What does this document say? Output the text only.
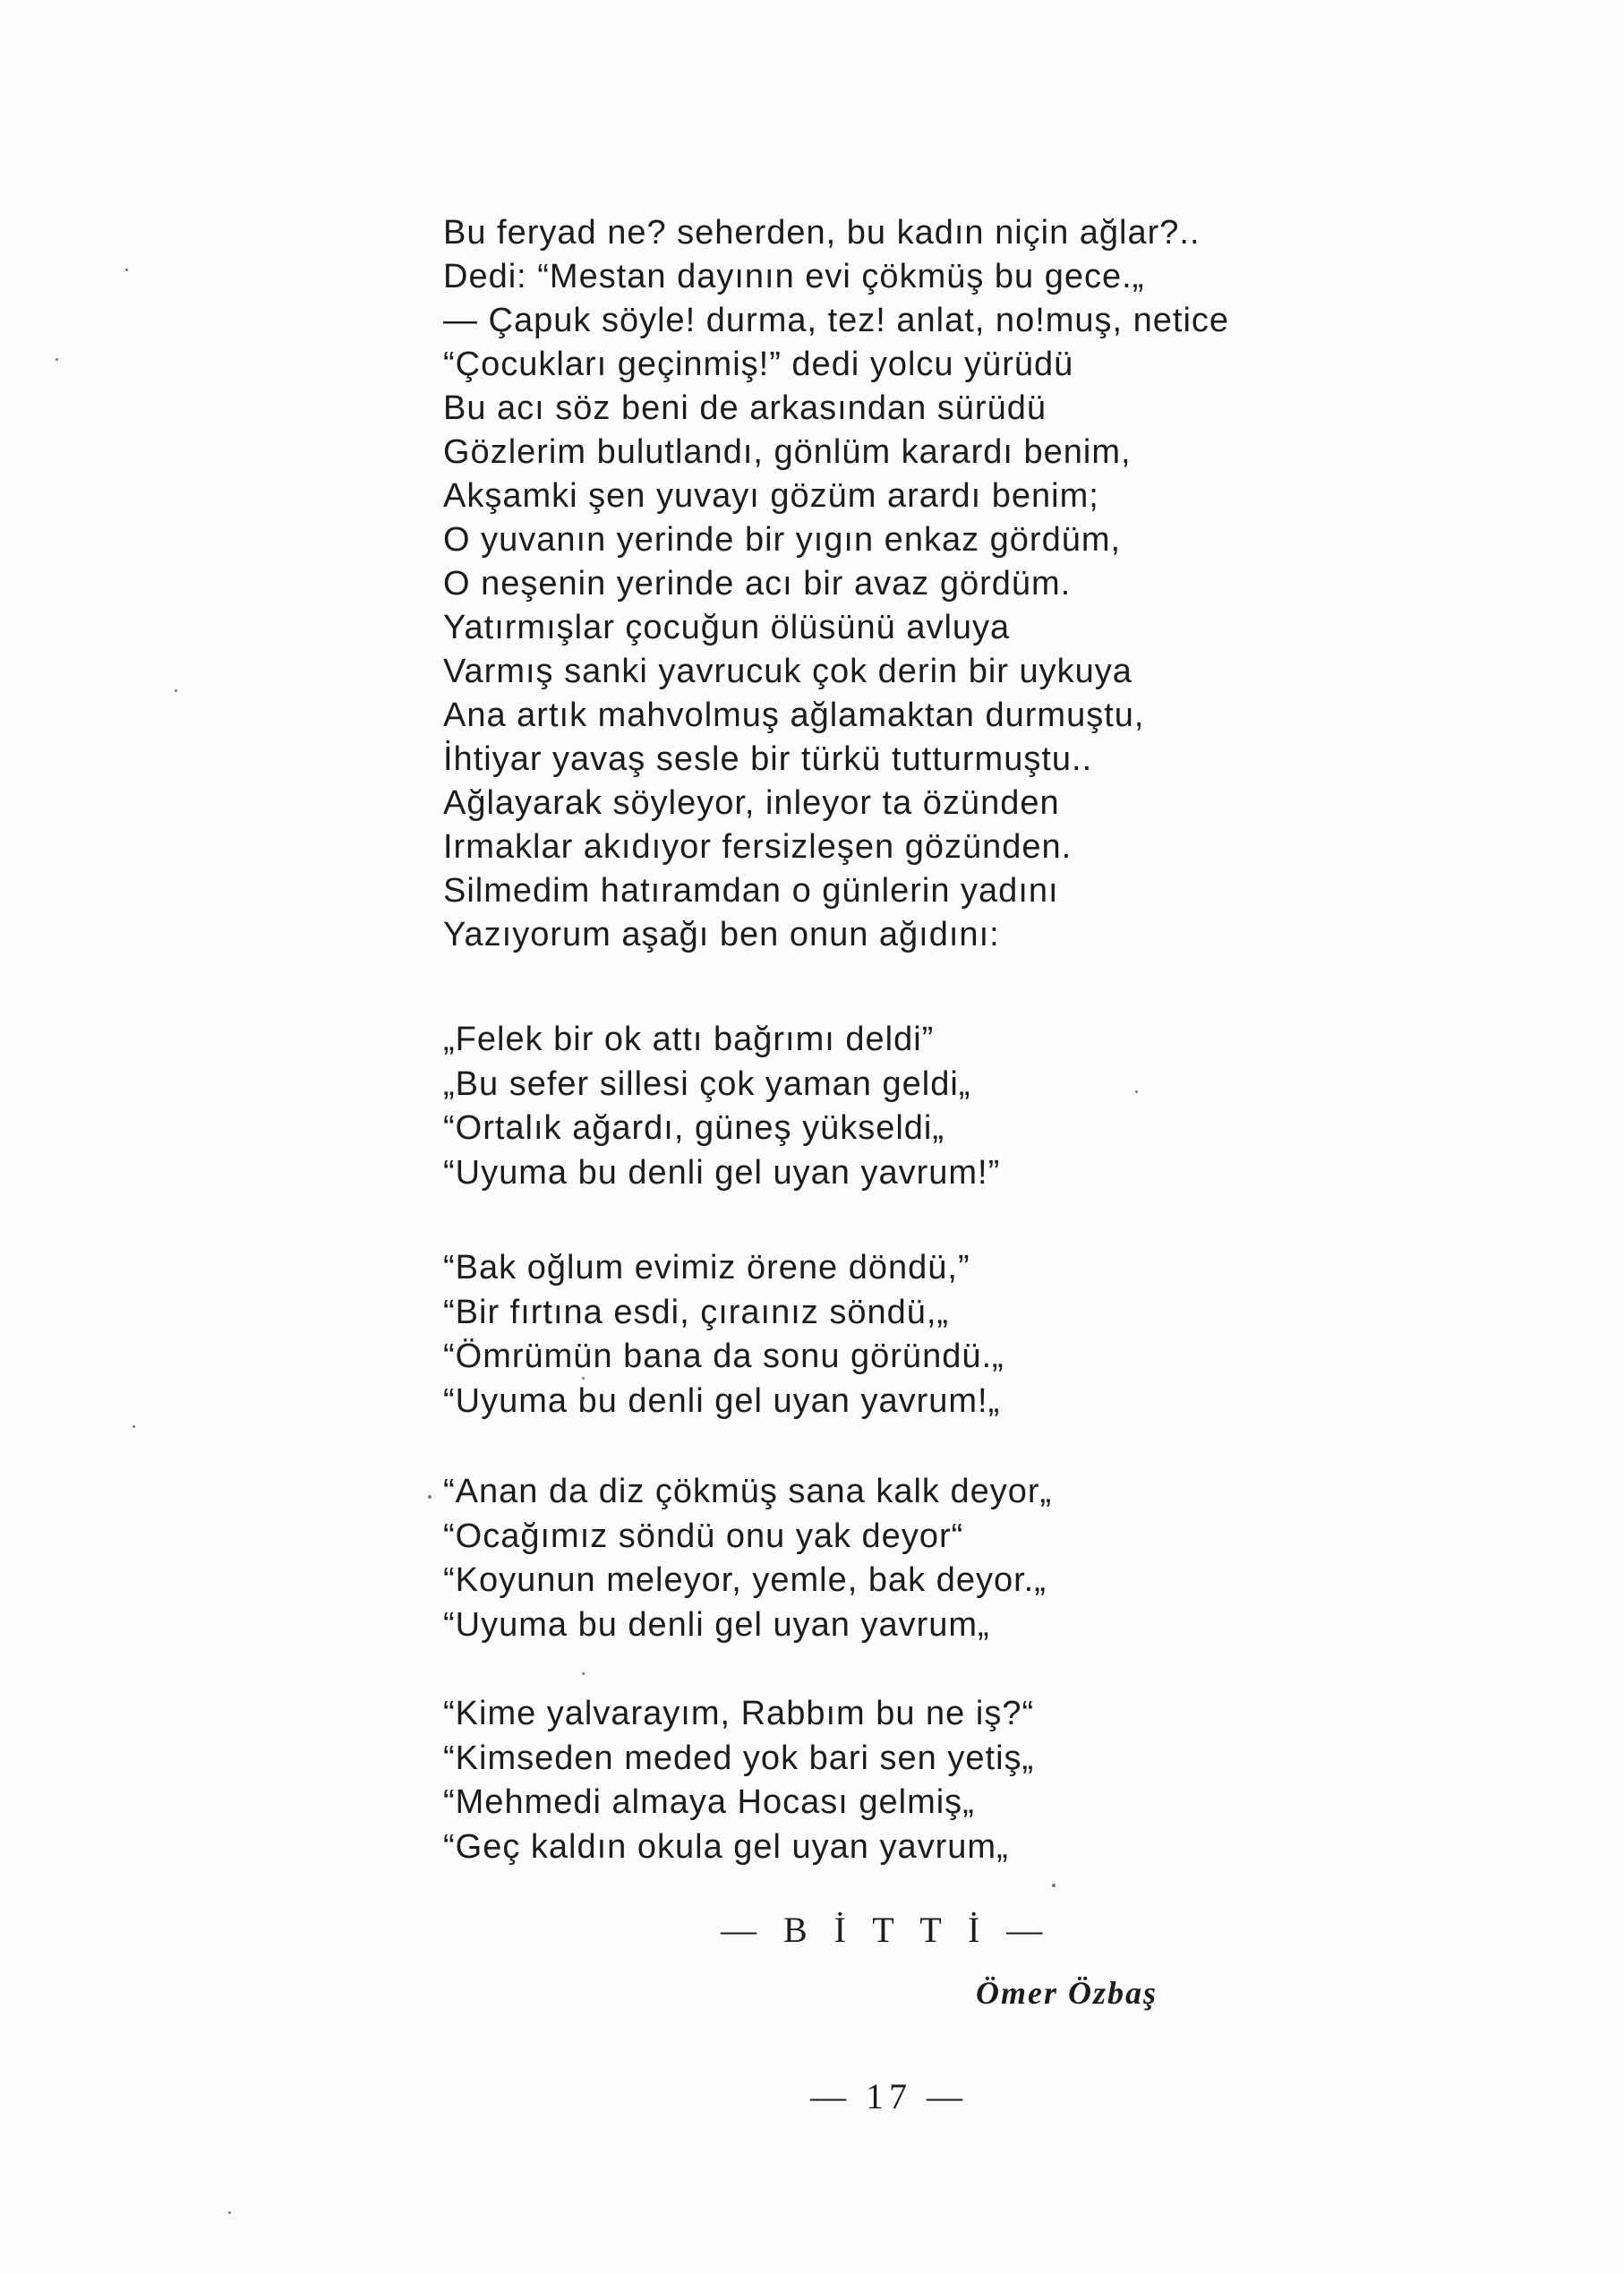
Bu feryad ne? seherden, bu kadın niçin ağlar?..
Dedi: “Mestan dayının evi çökmüş bu gece.„
— Çapuk söyle! durma, tez! anlat, no!muş, netice
“Çocukları geçinmiş!” dedi yolcu yürüdü
Bu acı söz beni de arkasından sürüdü
Gözlerim bulutlandı, gönlüm karardı benim,
Akşamki şen yuvayı gözüm arardı benim;
O yuvanın yerinde bir yıgın enkaz gördüm,
O neşenin yerinde acı bir avaz gördüm.
Yatırmışlar çocuğun ölüsünü avluya
Varmış sanki yavrucuk çok derin bir uykuya
Ana artık mahvolmuş ağlamaktan durmuştu,
İhtiyar yavaş sesle bir türkü tutturmuştu..
Ağlayarak söyleyor, inleyor ta özünden
Irmaklar akıdıyor fersizleşen gözünden.
Silmedim hatıramdan o günlerin yadını
Yazıyorum aşağı ben onun ağıdını:
„Felek bir ok attı bağrımı deldi”
„Bu sefer sillesi çok yaman geldi„
“Ortalık ağardı, güneş yükseldi„
“Uyuma bu denli gel uyan yavrum!”
“Bak oğlum evimiz örene döndü,”
“Bir fırtına esdi, çıraınız söndü,„
“Ömrümün bana da sonu göründü.„
“Uyuma bu denli gel uyan yavrum!„
“Anan da diz çökmüş sana kalk deyor„
“Ocağımız söndü onu yak deyor“
“Koyunun meleyor, yemle, bak deyor.„
“Uyuma bu denli gel uyan yavrum„
“Kime yalvarayım, Rabbım bu ne iş?“
“Kimseden meded yok bari sen yetiş„
“Mehmedi almaya Hocası gelmiş„
“Geç kaldın okula gel uyan yavrum„
— B İ T T İ —
Ömer Özbaş
— 17 —
